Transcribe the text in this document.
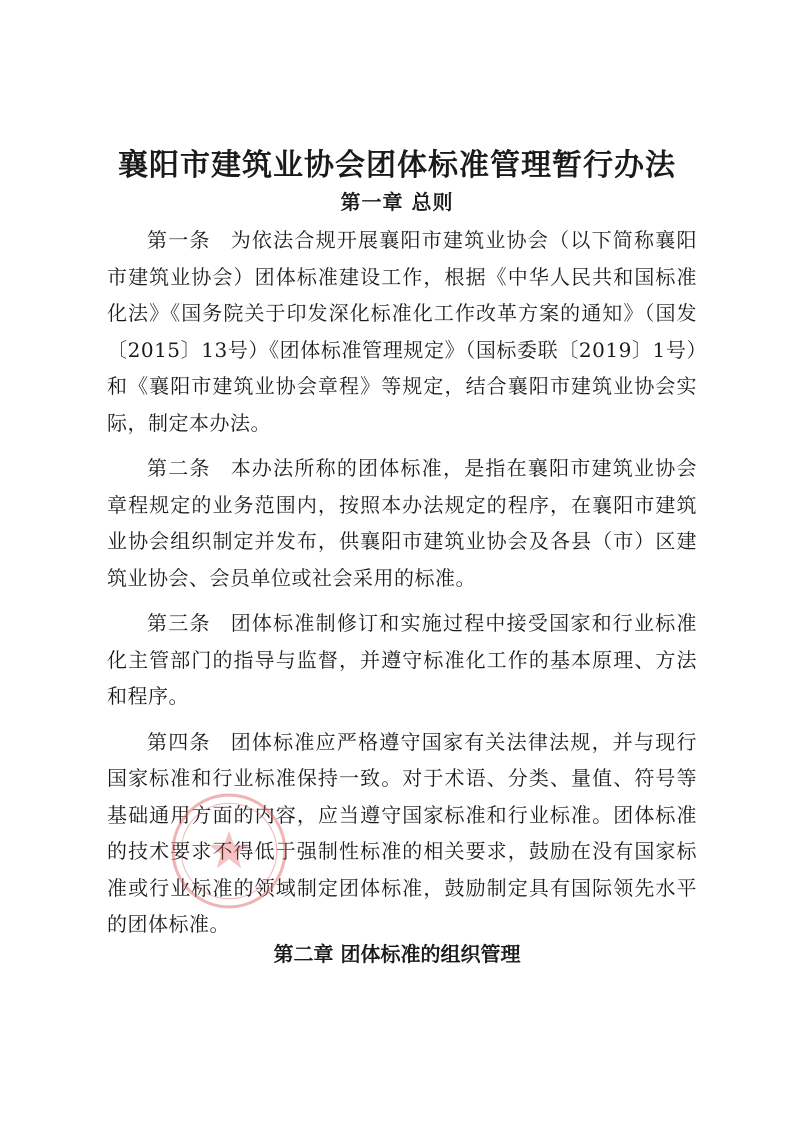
襄阳市建筑业协会团体标准管理暂行办法
第一章 总则

第一条 为依法合规开展襄阳市建筑业协会（以下简称襄阳市建筑业协会）团体标准建设工作，根据《中华人民共和国标准化法》《国务院关于印发深化标准化工作改革方案的通知》（国发〔2015〕13号）《团体标准管理规定》（国标委联〔2019〕1号）和《襄阳市建筑业协会章程》等规定，结合襄阳市建筑业协会实际，制定本办法。

第二条 本办法所称的团体标准，是指在襄阳市建筑业协会章程规定的业务范围内，按照本办法规定的程序，在襄阳市建筑业协会组织制定并发布，供襄阳市建筑业协会及各县（市）区建筑业协会、会员单位或社会采用的标准。

第三条 团体标准制修订和实施过程中接受国家和行业标准化主管部门的指导与监督，并遵守标准化工作的基本原理、方法和程序。

第四条 团体标准应严格遵守国家有关法律法规，并与现行国家标准和行业标准保持一致。对于术语、分类、量值、符号等基础通用方面的内容，应当遵守国家标准和行业标准。团体标准的技术要求不得低于强制性标准的相关要求，鼓励在没有国家标准或行业标准的领域制定团体标准，鼓励制定具有国际领先水平的团体标准。

第二章 团体标准的组织管理
